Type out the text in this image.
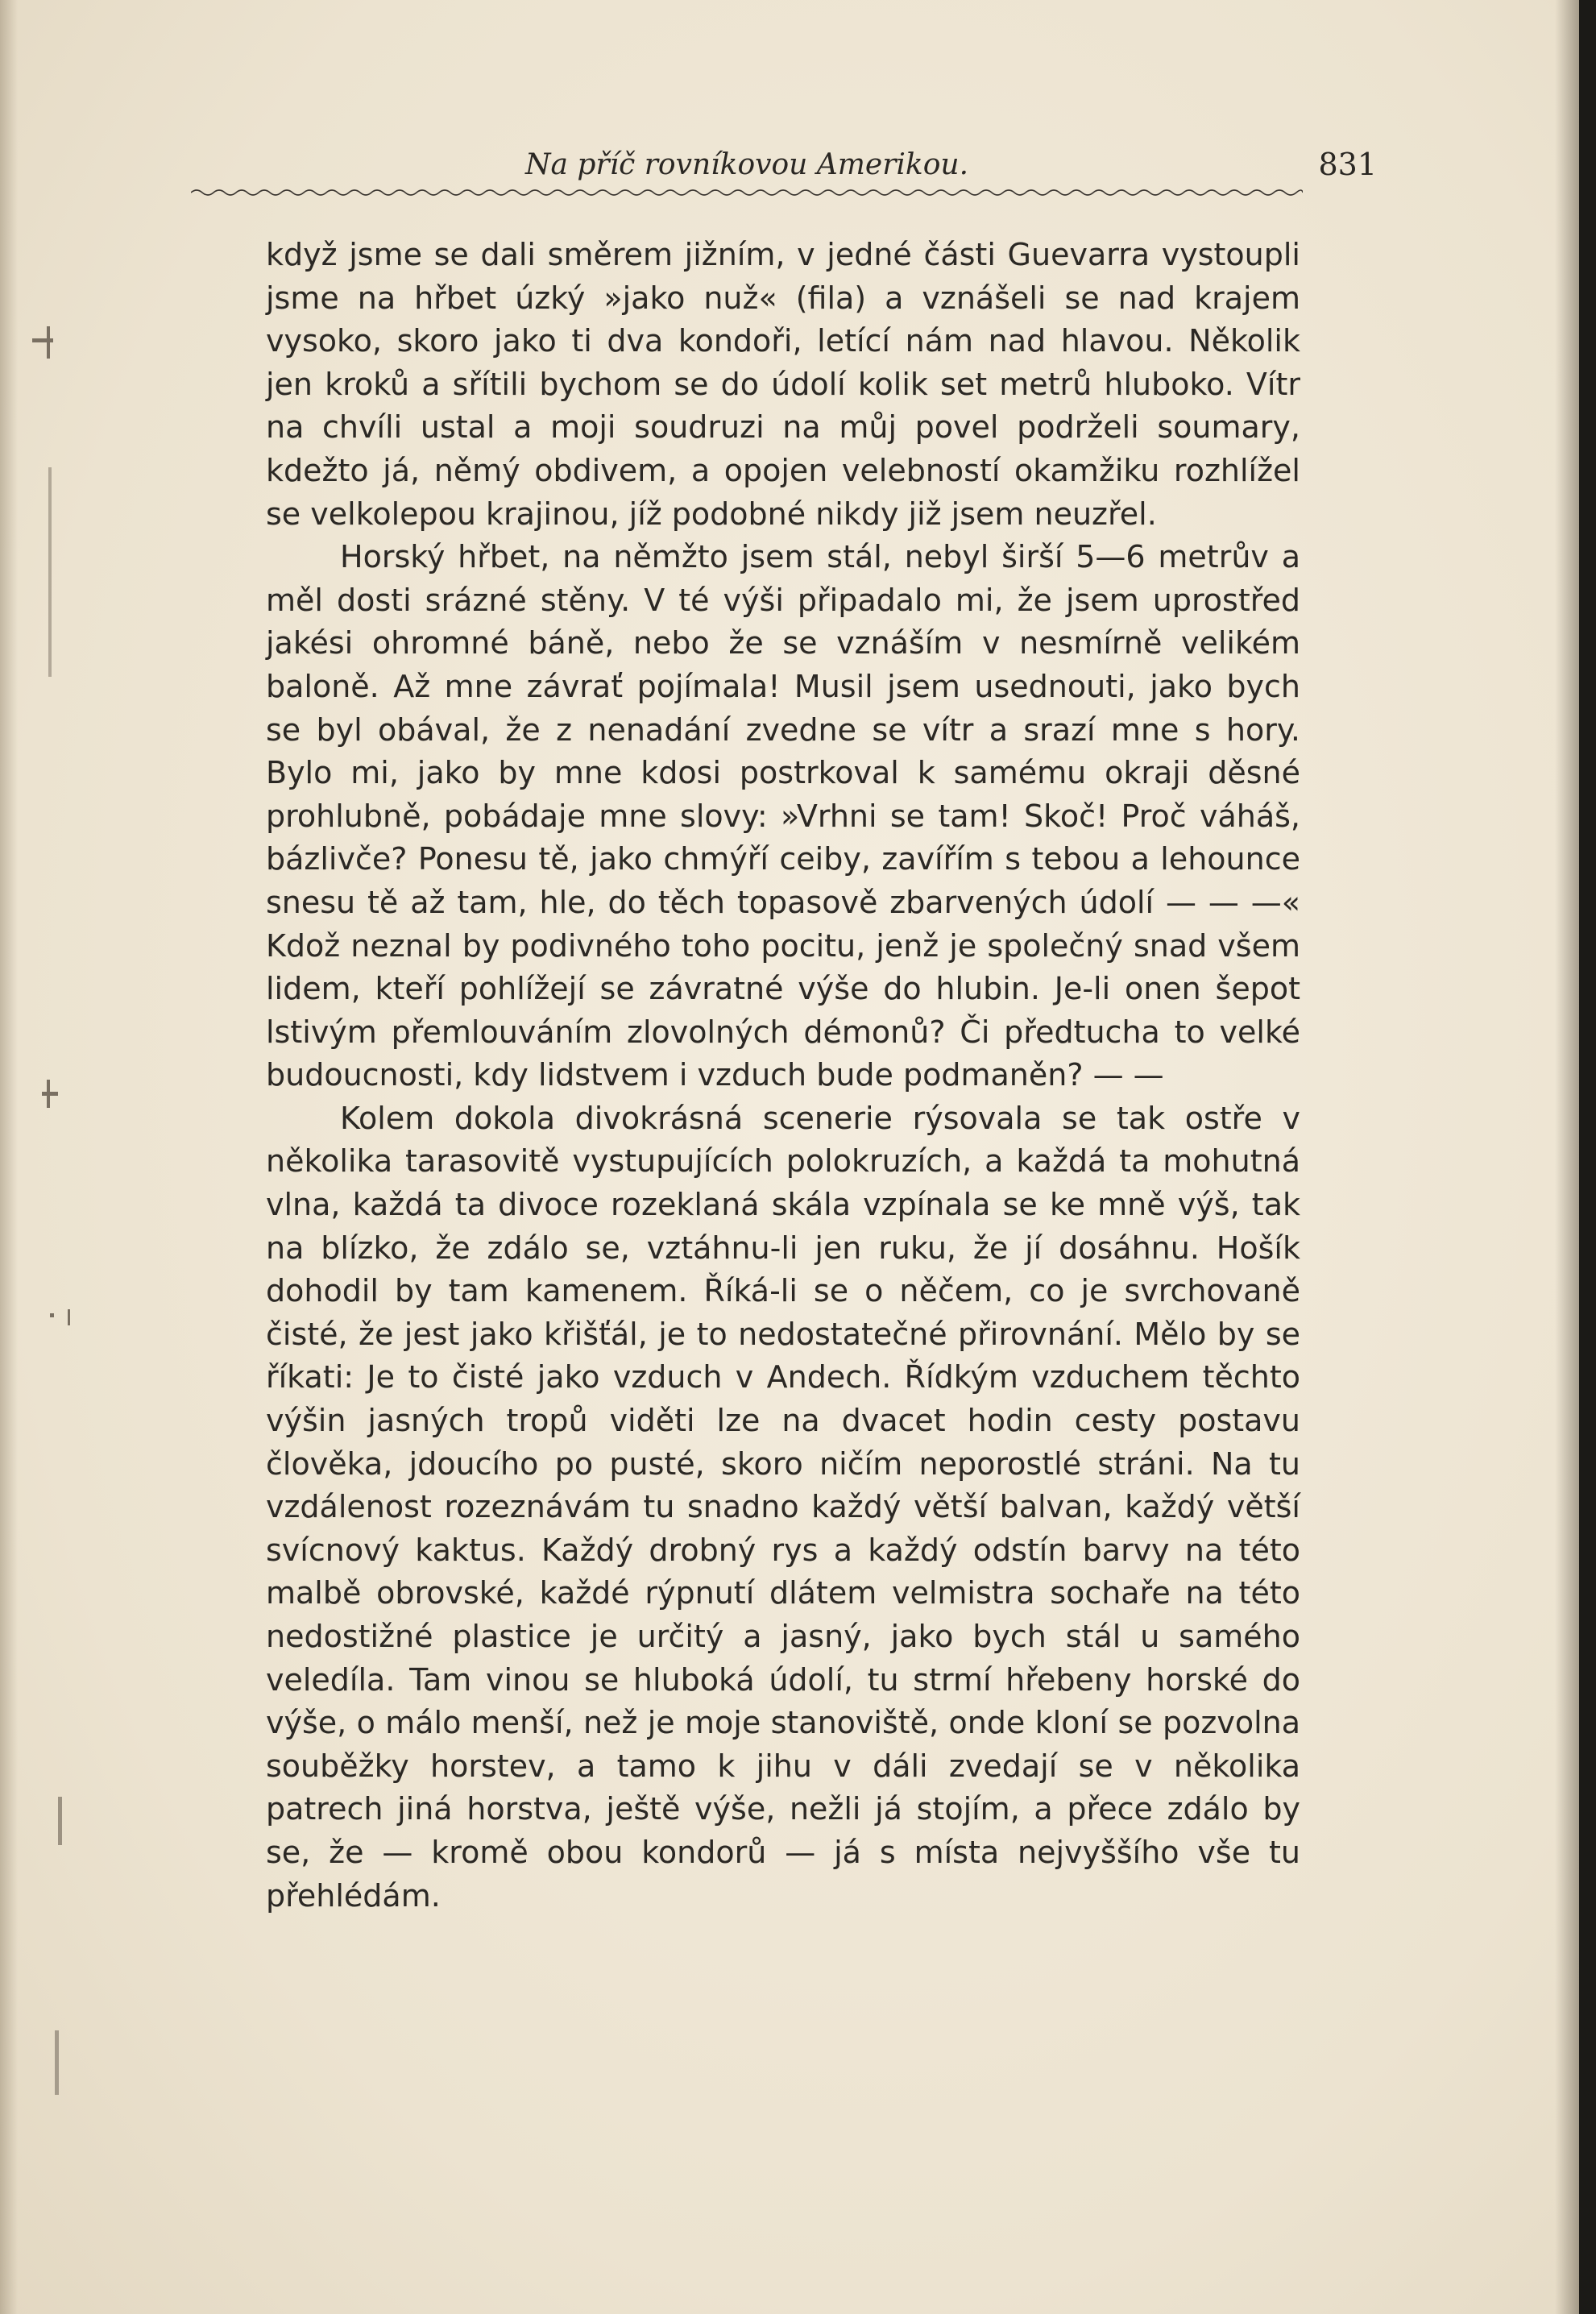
Na příč rovníkovou Amerikou.	831

když jsme se dali směrem jižním, v jedné části Guevarra vystoupli jsme na hřbet úzký »jako nuž« (fila) a vznášeli se nad krajem vysoko, skoro jako ti dva kondoři, letící nám nad hlavou. Několik jen kroků a sřítili bychom se do údolí kolik set metrů hluboko. Vítr na chvíli ustal a moji soudruzi na můj povel podrželi soumary, kdežto já, němý obdivem, a opojen velebností okamžiku rozhlížel se velkolepou krajinou, jíž podobné nikdy již jsem neuzřel.

Horský hřbet, na němžto jsem stál, nebyl širší 5—6 metrův a měl dosti srázné stěny. V té výši připadalo mi, že jsem uprostřed jakési ohromné báně, nebo že se vznáším v nesmírně velikém baloně. Až mne závrať pojímala! Musil jsem usednouti, jako bych se byl obával, že z nenadání zvedne se vítr a srazí mne s hory. Bylo mi, jako by mne kdosi postrkoval k samému okraji děsné prohlubně, pobádaje mne slovy: »Vrhni se tam! Skoč! Proč váháš, bázlivče? Ponesu tě, jako chmýří ceiby, zavířím s tebou a lehounce snesu tě až tam, hle, do těch topasově zbarvených údolí — — —« Kdož neznal by podivného toho pocitu, jenž je společný snad všem lidem, kteří pohlížejí se závratné výše do hlubin. Je-li onen šepot lstivým přemlouváním zlovolných démonů? Či předtucha to velké budoucnosti, kdy lidstvem i vzduch bude podmaněn? — —

Kolem dokola divokrásná scenerie rýsovala se tak ostře v několika tarasovitě vystupujících polokruzích, a každá ta mohutná vlna, každá ta divoce rozeklaná skála vzpínala se ke mně výš, tak na blízko, že zdálo se, vztáhnu-li jen ruku, že jí dosáhnu. Hošík dohodil by tam kamenem. Říká-li se o něčem, co je svrchovaně čisté, že jest jako křišťál, je to nedostatečné přirovnání. Mělo by se říkati: Je to čisté jako vzduch v Andech. Řídkým vzduchem těchto výšin jasných tropů viděti lze na dvacet hodin cesty postavu člověka, jdoucího po pusté, skoro ničím neporostlé stráni. Na tu vzdálenost rozeznávám tu snadno každý větší balvan, každý větší svícnový kaktus. Každý drobný rys a každý odstín barvy na této malbě obrovské, každé rýpnutí dlátem velmistra sochaře na této nedostižné plastice je určitý a jasný, jako bych stál u samého veledíla. Tam vinou se hluboká údolí, tu strmí hřebeny horské do výše, o málo menší, než je moje stanoviště, onde kloní se pozvolna souběžky horstev, a tamo k jihu v dáli zvedají se v několika patrech jiná horstva, ještě výše, nežli já stojím, a přece zdálo by se, že — kromě obou kondorů — já s místa nejvyššího vše tu přehlédám.
